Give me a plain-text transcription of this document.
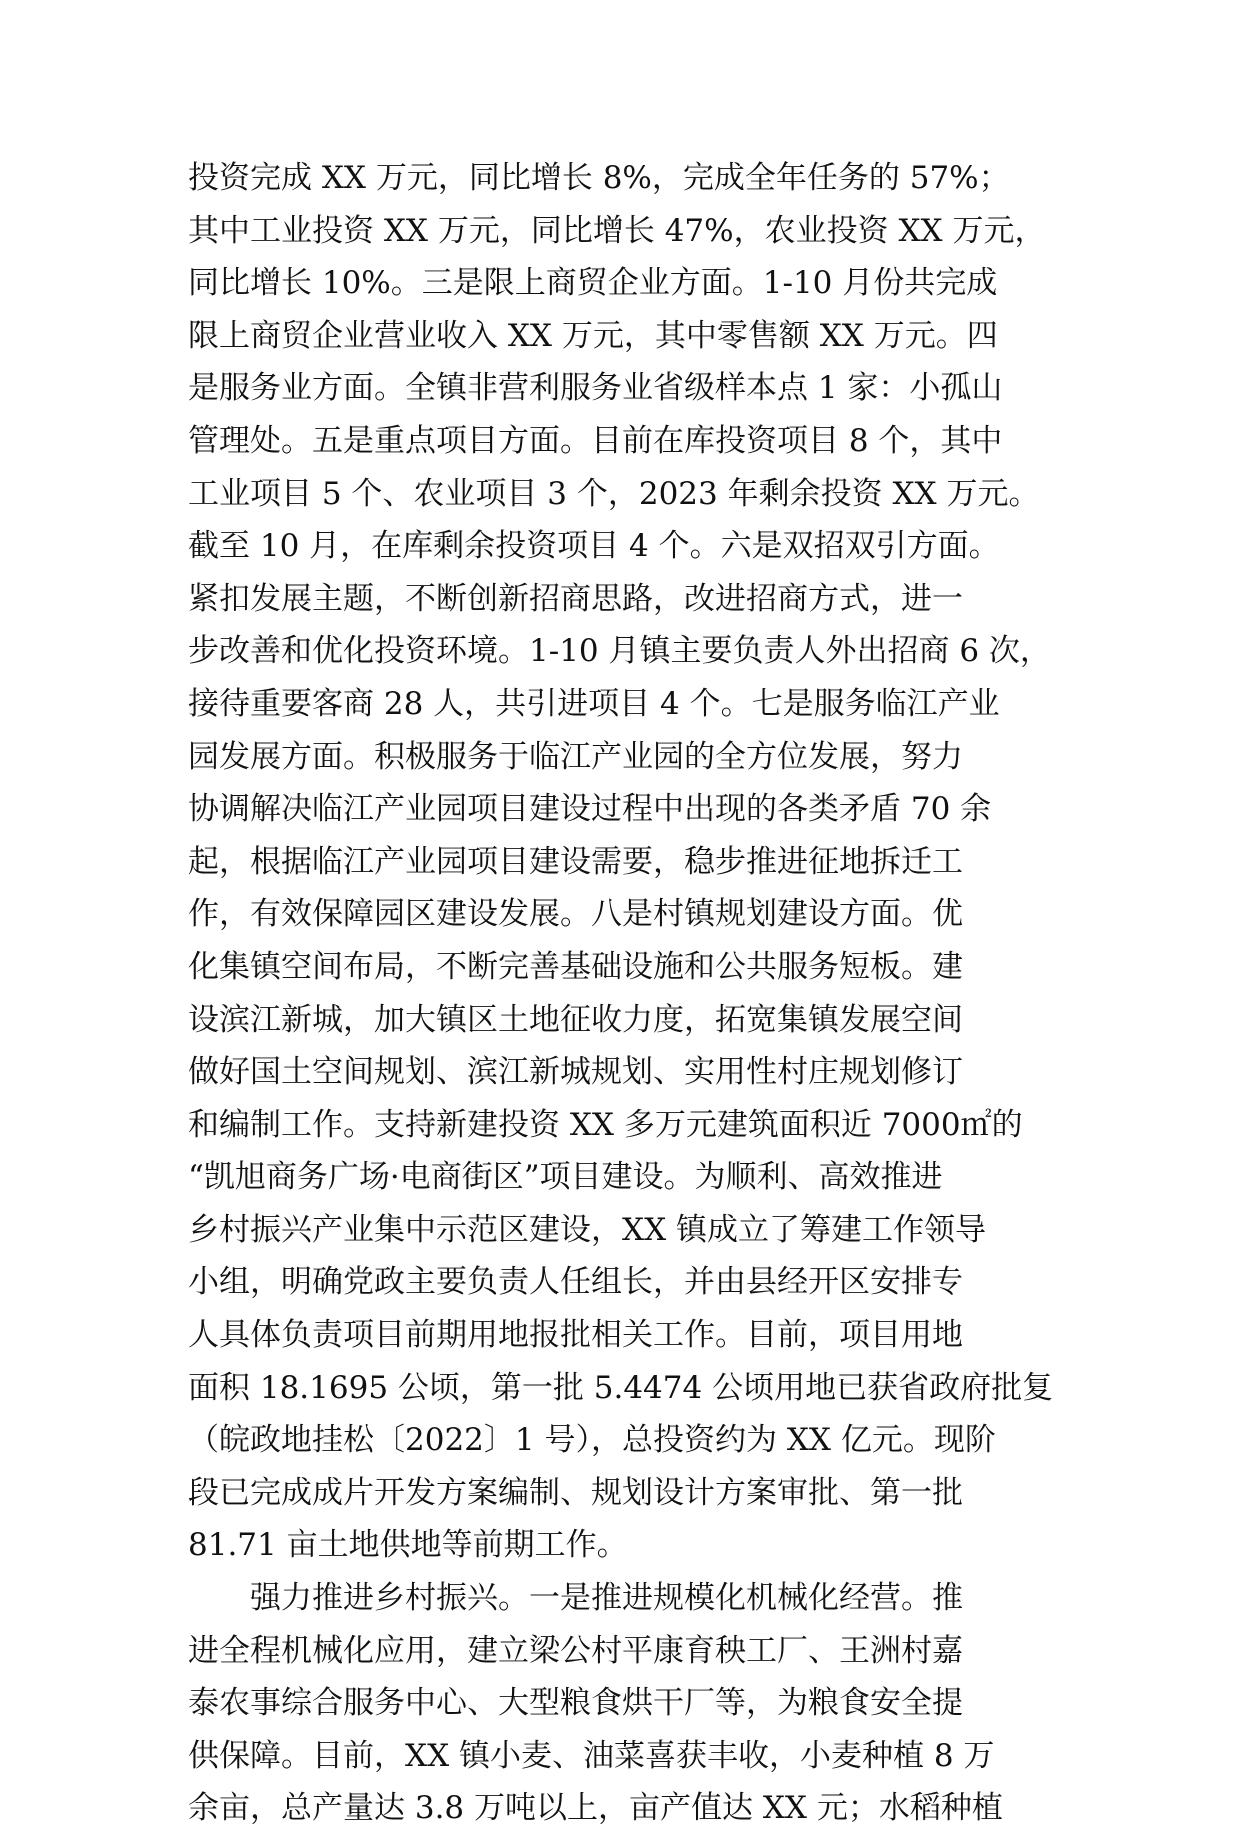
投资完成 XX 万元，同比增长 8%，完成全年任务的 57%；
其中工业投资 XX 万元，同比增长 47%，农业投资 XX 万元，
同比增长 10%。三是限上商贸企业方面。1-10 月份共完成
限上商贸企业营业收入 XX 万元，其中零售额 XX 万元。四
是服务业方面。全镇非营利服务业省级样本点 1 家：小孤山
管理处。五是重点项目方面。目前在库投资项目 8 个，其中
工业项目 5 个、农业项目 3 个，2023 年剩余投资 XX 万元。
截至 10 月，在库剩余投资项目 4 个。六是双招双引方面。
紧扣发展主题，不断创新招商思路，改进招商方式，进一
步改善和优化投资环境。1-10 月镇主要负责人外出招商 6 次，
接待重要客商 28 人，共引进项目 4 个。七是服务临江产业
园发展方面。积极服务于临江产业园的全方位发展，努力
协调解决临江产业园项目建设过程中出现的各类矛盾 70 余
起，根据临江产业园项目建设需要，稳步推进征地拆迁工
作，有效保障园区建设发展。八是村镇规划建设方面。优
化集镇空间布局，不断完善基础设施和公共服务短板。建
设滨江新城，加大镇区土地征收力度，拓宽集镇发展空间
做好国土空间规划、滨江新城规划、实用性村庄规划修订
和编制工作。支持新建投资 XX 多万元建筑面积近 7000㎡的
“凯旭商务广场·电商街区”项目建设。为顺利、高效推进
乡村振兴产业集中示范区建设，XX 镇成立了筹建工作领导
小组，明确党政主要负责人任组长，并由县经开区安排专
人具体负责项目前期用地报批相关工作。目前，项目用地
面积 18.1695 公顷，第一批 5.4474 公顷用地已获省政府批复
（皖政地挂松〔2022〕1 号），总投资约为 XX 亿元。现阶
段已完成成片开发方案编制、规划设计方案审批、第一批
81.71 亩土地供地等前期工作。
强力推进乡村振兴。一是推进规模化机械化经营。推
进全程机械化应用，建立梁公村平康育秧工厂、王洲村嘉
泰农事综合服务中心、大型粮食烘干厂等，为粮食安全提
供保障。目前，XX 镇小麦、油菜喜获丰收，小麦种植 8 万
余亩，总产量达 3.8 万吨以上，亩产值达 XX 元；水稻种植
